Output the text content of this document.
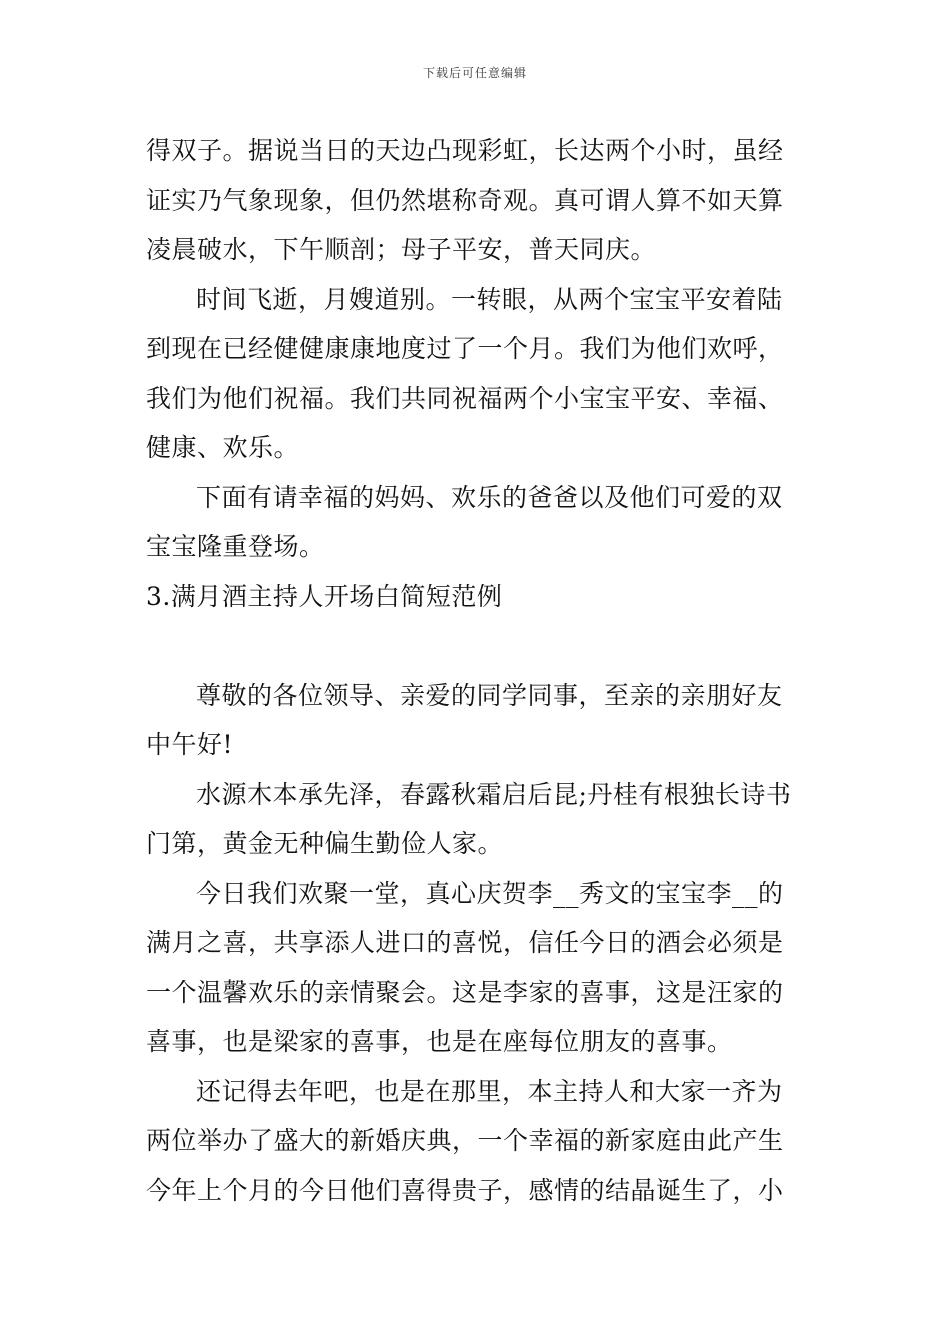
下载后可任意编辑
得双子。据说当日的天边凸现彩虹，长达两个小时，虽经
证实乃气象现象，但仍然堪称奇观。真可谓人算不如天算
凌晨破水，下午顺剖；母子平安，普天同庆。
时间飞逝，月嫂道别。一转眼，从两个宝宝平安着陆
到现在已经健健康康地度过了一个月。我们为他们欢呼，
我们为他们祝福。我们共同祝福两个小宝宝平安、幸福、
健康、欢乐。
下面有请幸福的妈妈、欢乐的爸爸以及他们可爱的双
宝宝隆重登场。
3.满月酒主持人开场白简短范例
尊敬的各位领导、亲爱的同学同事，至亲的亲朋好友
中午好!
水源木本承先泽，春露秋霜启后昆;丹桂有根独长诗书
门第，黄金无种偏生勤俭人家。
今日我们欢聚一堂，真心庆贺李__秀文的宝宝李__的
满月之喜，共享添人进口的喜悦，信任今日的酒会必须是
一个温馨欢乐的亲情聚会。这是李家的喜事，这是汪家的
喜事，也是梁家的喜事，也是在座每位朋友的喜事。
还记得去年吧，也是在那里，本主持人和大家一齐为
两位举办了盛大的新婚庆典，一个幸福的新家庭由此产生
今年上个月的今日他们喜得贵子，感情的结晶诞生了，小
